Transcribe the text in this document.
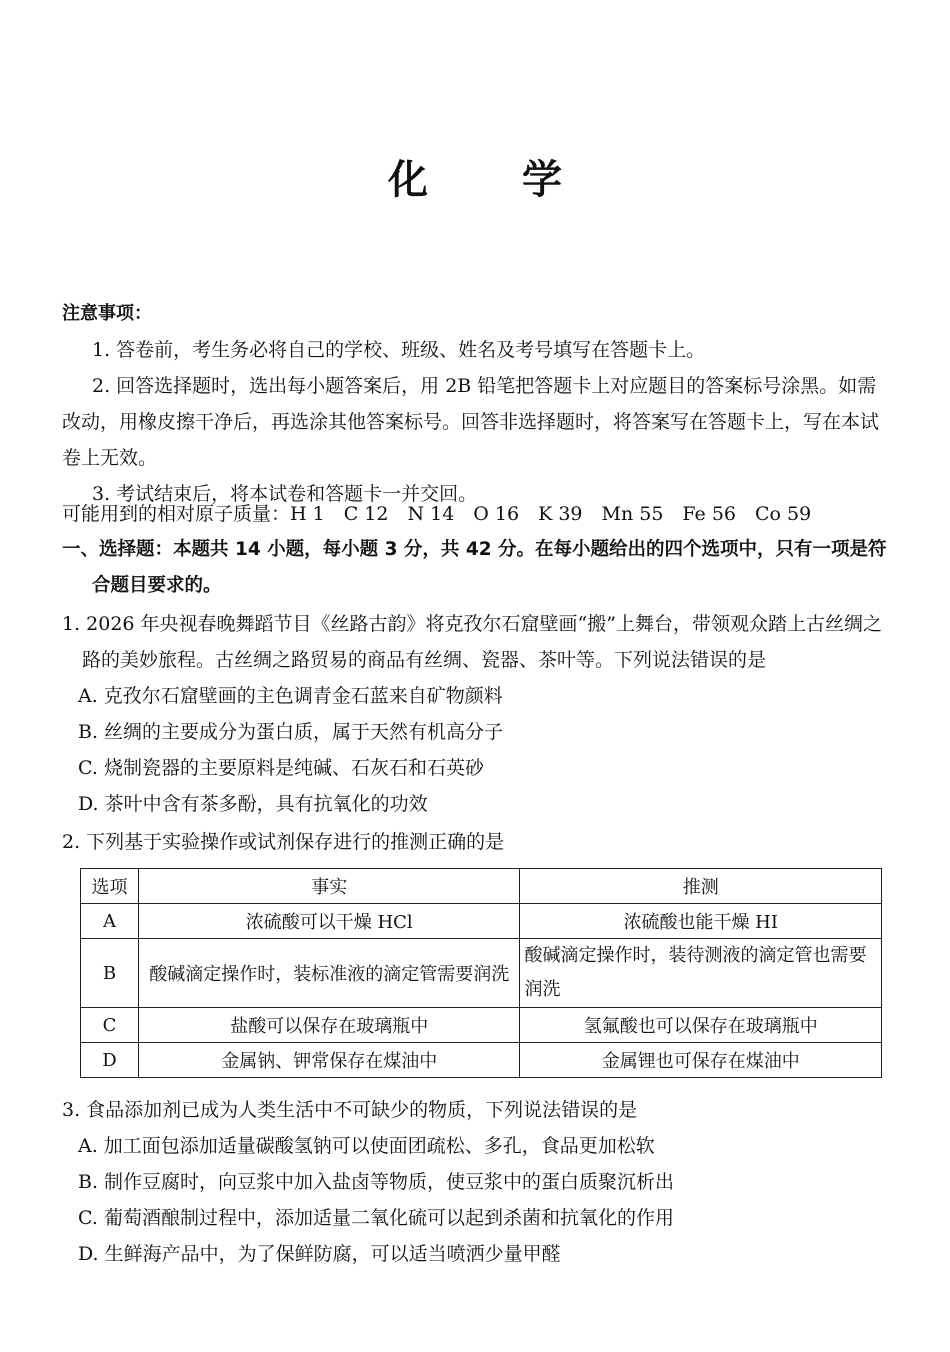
化 学
注意事项：
1. 答卷前，考生务必将自己的学校、班级、姓名及考号填写在答题卡上。
2. 回答选择题时，选出每小题答案后，用 2B 铅笔把答题卡上对应题目的答案标号涂黑。如需改动，用橡皮擦干净后，再选涂其他答案标号。回答非选择题时，将答案写在答题卡上，写在本试卷上无效。
3. 考试结束后，将本试卷和答题卡一并交回。
可能用到的相对原子质量：H 1　C 12　N 14　O 16　K 39　Mn 55　Fe 56　Co 59
一、选择题：本题共 14 小题，每小题 3 分，共 42 分。在每小题给出的四个选项中，只有一项是符
合题目要求的。
1. 2026 年央视春晚舞蹈节目《丝路古韵》将克孜尔石窟壁画“搬”上舞台，带领观众踏上古丝绸之
路的美妙旅程。古丝绸之路贸易的商品有丝绸、瓷器、茶叶等。下列说法错误的是
A. 克孜尔石窟壁画的主色调青金石蓝来自矿物颜料
B. 丝绸的主要成分为蛋白质，属于天然有机高分子
C. 烧制瓷器的主要原料是纯碱、石灰石和石英砂
D. 茶叶中含有茶多酚，具有抗氧化的功效
2. 下列基于实验操作或试剂保存进行的推测正确的是
选项	事实	推测
A	浓硫酸可以干燥 HCl	浓硫酸也能干燥 HI
B	酸碱滴定操作时，装标准液的滴定管需要润洗	酸碱滴定操作时，装待测液的滴定管也需要润洗
C	盐酸可以保存在玻璃瓶中	氢氟酸也可以保存在玻璃瓶中
D	金属钠、钾常保存在煤油中	金属锂也可保存在煤油中
3. 食品添加剂已成为人类生活中不可缺少的物质，下列说法错误的是
A. 加工面包添加适量碳酸氢钠可以使面团疏松、多孔，食品更加松软
B. 制作豆腐时，向豆浆中加入盐卤等物质，使豆浆中的蛋白质聚沉析出
C. 葡萄酒酿制过程中，添加适量二氧化硫可以起到杀菌和抗氧化的作用
D. 生鲜海产品中，为了保鲜防腐，可以适当喷洒少量甲醛
